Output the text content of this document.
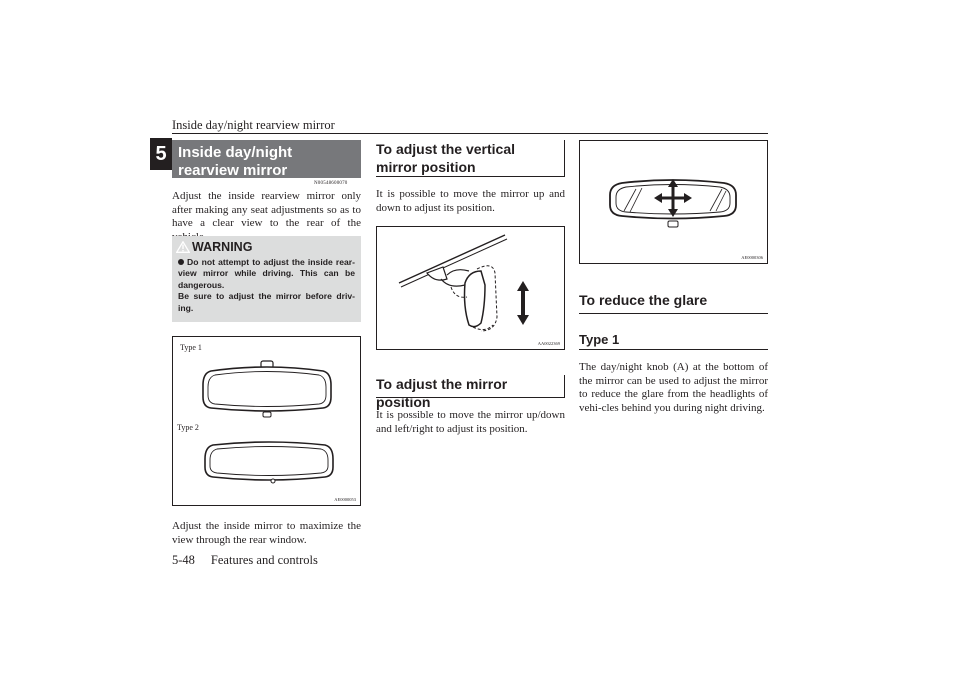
Inside day/night rearview mirror
5
5-48 Features and controls
Inside day/night rearview mirror
N00548600070
Adjust the inside rearview mirror only after making any seat adjustments so as to have a clear view to the rear of the
WARNING
Do not attempt to adjust the inside rear-view mirror while driving. This can be dangerous.
Be sure to adjust the mirror before driv-ing.
Type 1
Type 2
AE0000053
Adjust the inside mirror to maximize the view through the rear window.
To adjust the vertical mirror position
It is possible to move the mirror up and down to adjust its position.
AA0022369
To adjust the mirror position
It is possible to move the mirror up/down and left/right to adjust its position.
AE0000306
To reduce the glare
Type 1
The day/night knob (A) at the bottom of the mirror can be used to adjust the mirror to reduce the glare from the headlights of vehi-cles behind you during night driving.
